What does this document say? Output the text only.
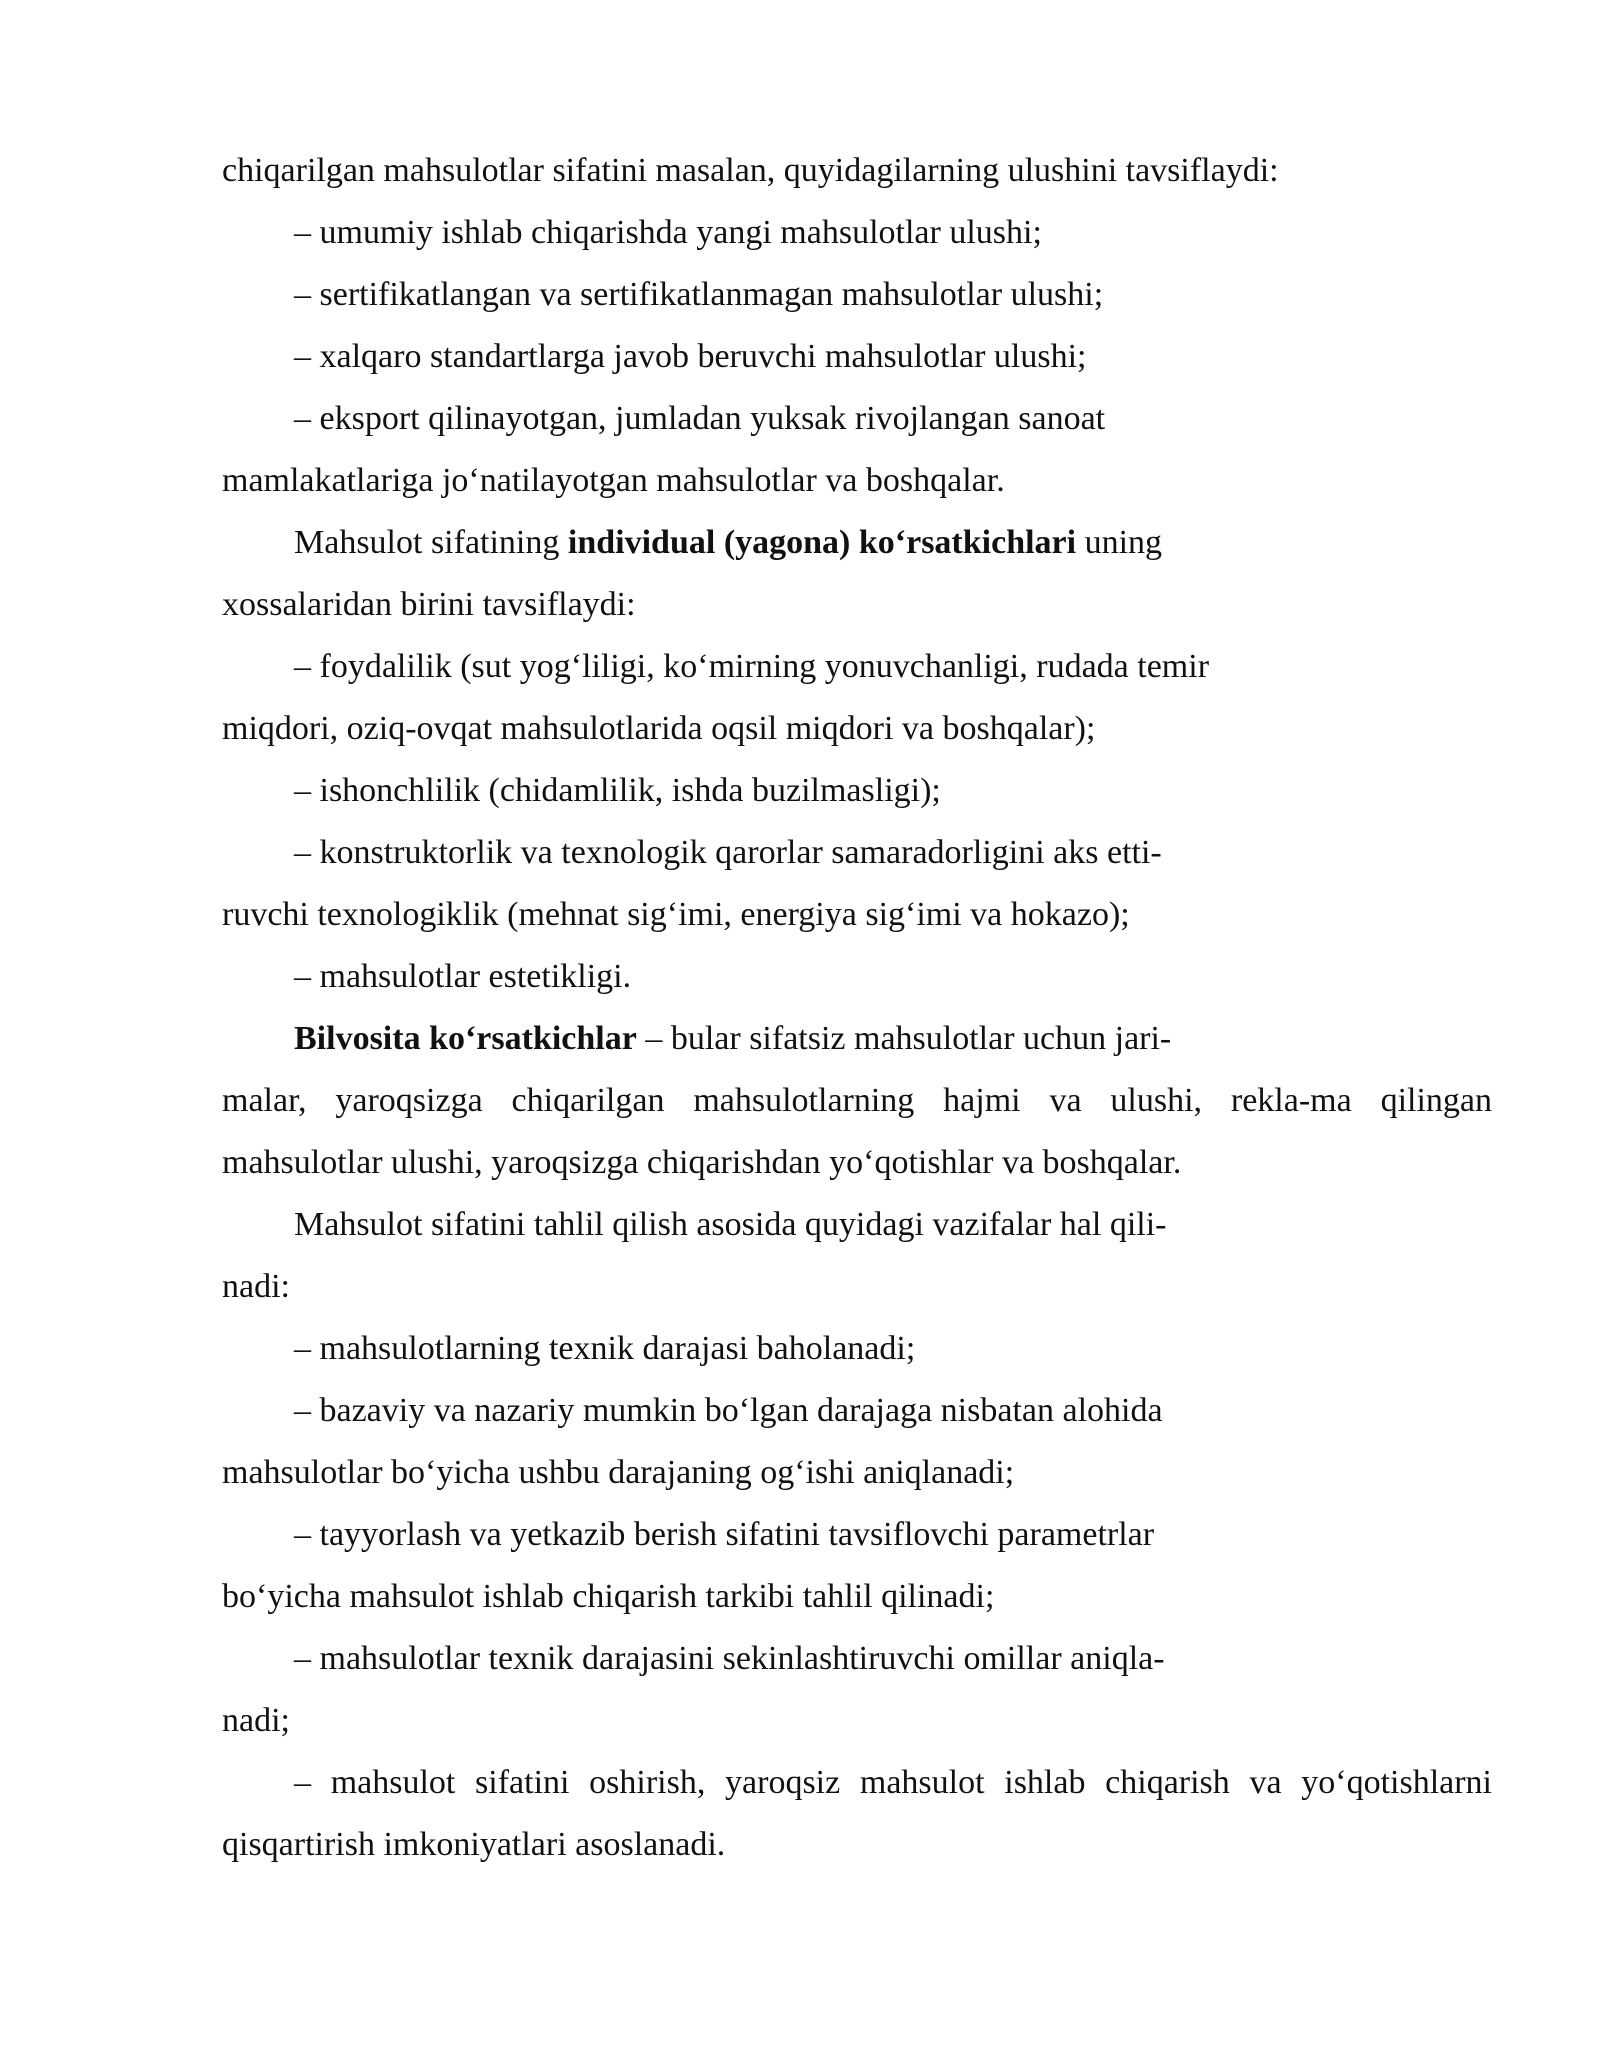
chiqarilgan mahsulotlar sifatini masalan, quyidagilarning ulushini tavsiflaydi:
– umumiy ishlab chiqarishda yangi mahsulotlar ulushi;
– sertifikatlangan va sertifikatlanmagan mahsulotlar ulushi;
– xalqaro standartlarga javob beruvchi mahsulotlar ulushi;
– eksport qilinayotgan, jumladan yuksak rivojlangan sanoat
mamlakatlariga jo‘natilayotgan mahsulotlar va boshqalar.
Mahsulot sifatining individual (yagona) ko‘rsatkichlari uning
xossalaridan birini tavsiflaydi:
– foydalilik (sut yog‘liligi, ko‘mirning yonuvchanligi, rudada temir
miqdori, oziq-ovqat mahsulotlarida oqsil miqdori va boshqalar);
– ishonchlilik (chidamlilik, ishda buzilmasligi);
– konstruktorlik va texnologik qarorlar samaradorligini aks etti-
ruvchi texnologiklik (mehnat sig‘imi, energiya sig‘imi va hokazo);
– mahsulotlar estetikligi.
Bilvosita ko‘rsatkichlar – bular sifatsiz mahsulotlar uchun jari-
malar, yaroqsizga chiqarilgan mahsulotlarning hajmi va ulushi, rekla-ma qilingan
mahsulotlar ulushi, yaroqsizga chiqarishdan yo‘qotishlar va boshqalar.
Mahsulot sifatini tahlil qilish asosida quyidagi vazifalar hal qili-
nadi:
– mahsulotlarning texnik darajasi baholanadi;
– bazaviy va nazariy mumkin bo‘lgan darajaga nisbatan alohida
mahsulotlar bo‘yicha ushbu darajaning og‘ishi aniqlanadi;
– tayyorlash va yetkazib berish sifatini tavsiflovchi parametrlar
bo‘yicha mahsulot ishlab chiqarish tarkibi tahlil qilinadi;
– mahsulotlar texnik darajasini sekinlashtiruvchi omillar aniqla-
nadi;
– mahsulot sifatini oshirish, yaroqsiz mahsulot ishlab chiqarish va yo‘qotishlarni
qisqartirish imkoniyatlari asoslanadi.
